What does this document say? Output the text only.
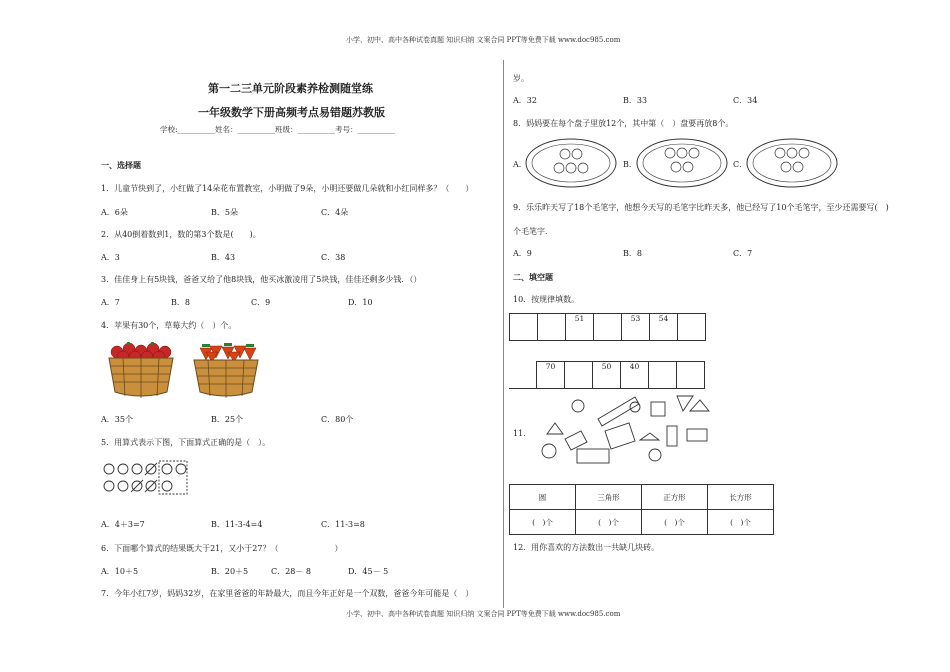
小学、初中、高中各种试卷真题 知识归纳 文案合同 PPT等免费下载 www.doc985.com
小学、初中、高中各种试卷真题 知识归纳 文案合同 PPT等免费下载 www.doc985.com
第一二三单元阶段素养检测随堂练
一年级数学下册高频考点易错题苏教版
学校:__________姓名：__________班级：__________考号：__________
一、选择题
1．儿童节快到了，小红做了14朵花布置教室，小明做了9朵，小明还要做几朵就和小红同样多？（　　）
A．6朵	B．5朵	C．4朵
2．从40倒着数到1，数的第3个数是(　　)。
A．3	B．43	C．38
3．佳佳身上有5块钱，爸爸又给了他8块钱，他买冰激凌用了5块钱，佳佳还剩多少钱．（）
A．7	B．8	C．9	D．10
4．苹果有30个，草莓大约（　）个。
A．35个	B．25个	C．80个
5．用算式表示下图，下面算式正确的是（　）。
A．4＋3=7	B．11-3-4=4	C．11-3=8
6．下面哪个算式的结果既大于21，又小于27？（　　　　　　　）
A．10＋5	B．20＋5	C．28－ 8	D．45－ 5
7．今年小红7岁，妈妈32岁，在家里爸爸的年龄最大，而且今年正好是一个双数，爸爸今年可能是（　）
岁。
A．32	B．33	C．34
8．妈妈要在每个盘子里放12个，其中第（　）盘要再放8个。
A．	B．	C．
9．乐乐昨天写了18个毛笔字，他想今天写的毛笔字比昨天多，他已经写了10个毛笔字，至少还需要写(　)
个毛笔字．
A．9	B．8	C．7
二、填空题
10．按规律填数。
		51		53	54	
	70		50	40		
11．
圆	三角形	正方形	长方形
(　)个	(　)个	(　)个	(　)个
12．用你喜欢的方法数出一共缺几块砖。
